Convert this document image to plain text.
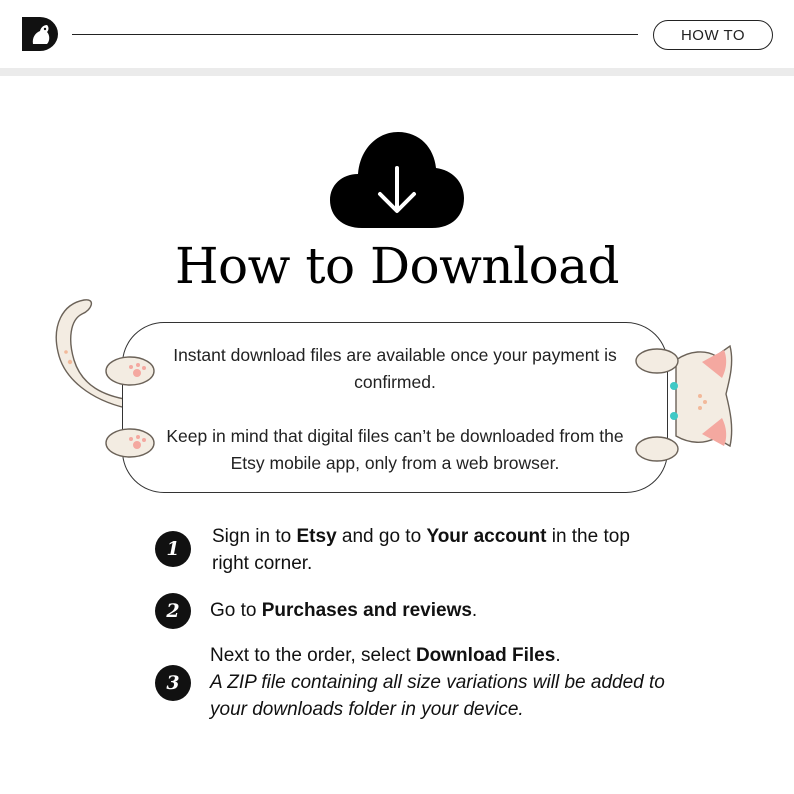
HOW TO
How to Download

Instant download files are available once your payment is confirmed.

Keep in mind that digital files can’t be downloaded from the Etsy mobile app, only from a web browser.

1
Sign in to Etsy and go to Your account in the top right corner.
2	Go to Purchases and reviews.
3
Next to the order, select Download Files.
A ZIP file containing all size variations will be added to your downloads folder in your device.
